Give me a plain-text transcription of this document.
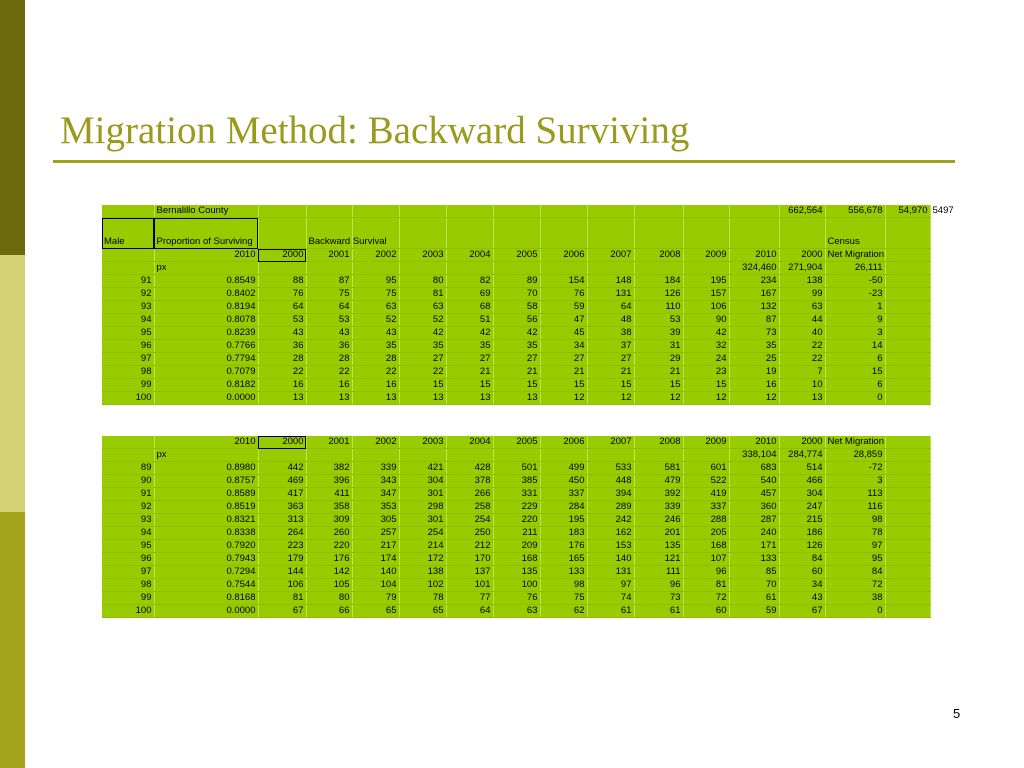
Migration Method: Backward Surviving
	Bernalillo County												662,564	556,678	54,970	5497
Male	Proportion of Surviving		Backward Survival											Census		
	2010	2000	2001	2002	2003	2004	2005	2006	2007	2008	2009	2010	2000	Net Migration		
	px											324,460	271,904	26,111		
91	0.8549	88	87	95	80	82	89	154	148	184	195	234	138	-50		
92	0.8402	76	75	75	81	69	70	76	131	126	157	167	99	-23		
93	0.8194	64	64	63	63	68	58	59	64	110	106	132	63	1		
94	0.8078	53	53	52	52	51	56	47	48	53	90	87	44	9		
95	0.8239	43	43	43	42	42	42	45	38	39	42	73	40	3		
96	0.7766	36	36	35	35	35	35	34	37	31	32	35	22	14		
97	0.7794	28	28	28	27	27	27	27	27	29	24	25	22	6		
98	0.7079	22	22	22	22	21	21	21	21	21	23	19	7	15		
99	0.8182	16	16	16	15	15	15	15	15	15	15	16	10	6		
100	0.0000	13	13	13	13	13	13	12	12	12	12	12	13	0		
	2010	2000	2001	2002	2003	2004	2005	2006	2007	2008	2009	2010	2000	Net Migration		
	px											338,104	284,774	28,859		
89	0.8980	442	382	339	421	428	501	499	533	581	601	683	514	-72		
90	0.8757	469	396	343	304	378	385	450	448	479	522	540	466	3		
91	0.8589	417	411	347	301	266	331	337	394	392	419	457	304	113		
92	0.8519	363	358	353	298	258	229	284	289	339	337	360	247	116		
93	0.8321	313	309	305	301	254	220	195	242	246	288	287	215	98		
94	0.8338	264	260	257	254	250	211	183	162	201	205	240	186	78		
95	0.7920	223	220	217	214	212	209	176	153	135	168	171	126	97		
96	0.7943	179	176	174	172	170	168	165	140	121	107	133	84	95		
97	0.7294	144	142	140	138	137	135	133	131	111	96	85	60	84		
98	0.7544	106	105	104	102	101	100	98	97	96	81	70	34	72		
99	0.8168	81	80	79	78	77	76	75	74	73	72	61	43	38		
100	0.0000	67	66	65	65	64	63	62	61	61	60	59	67	0		
5
